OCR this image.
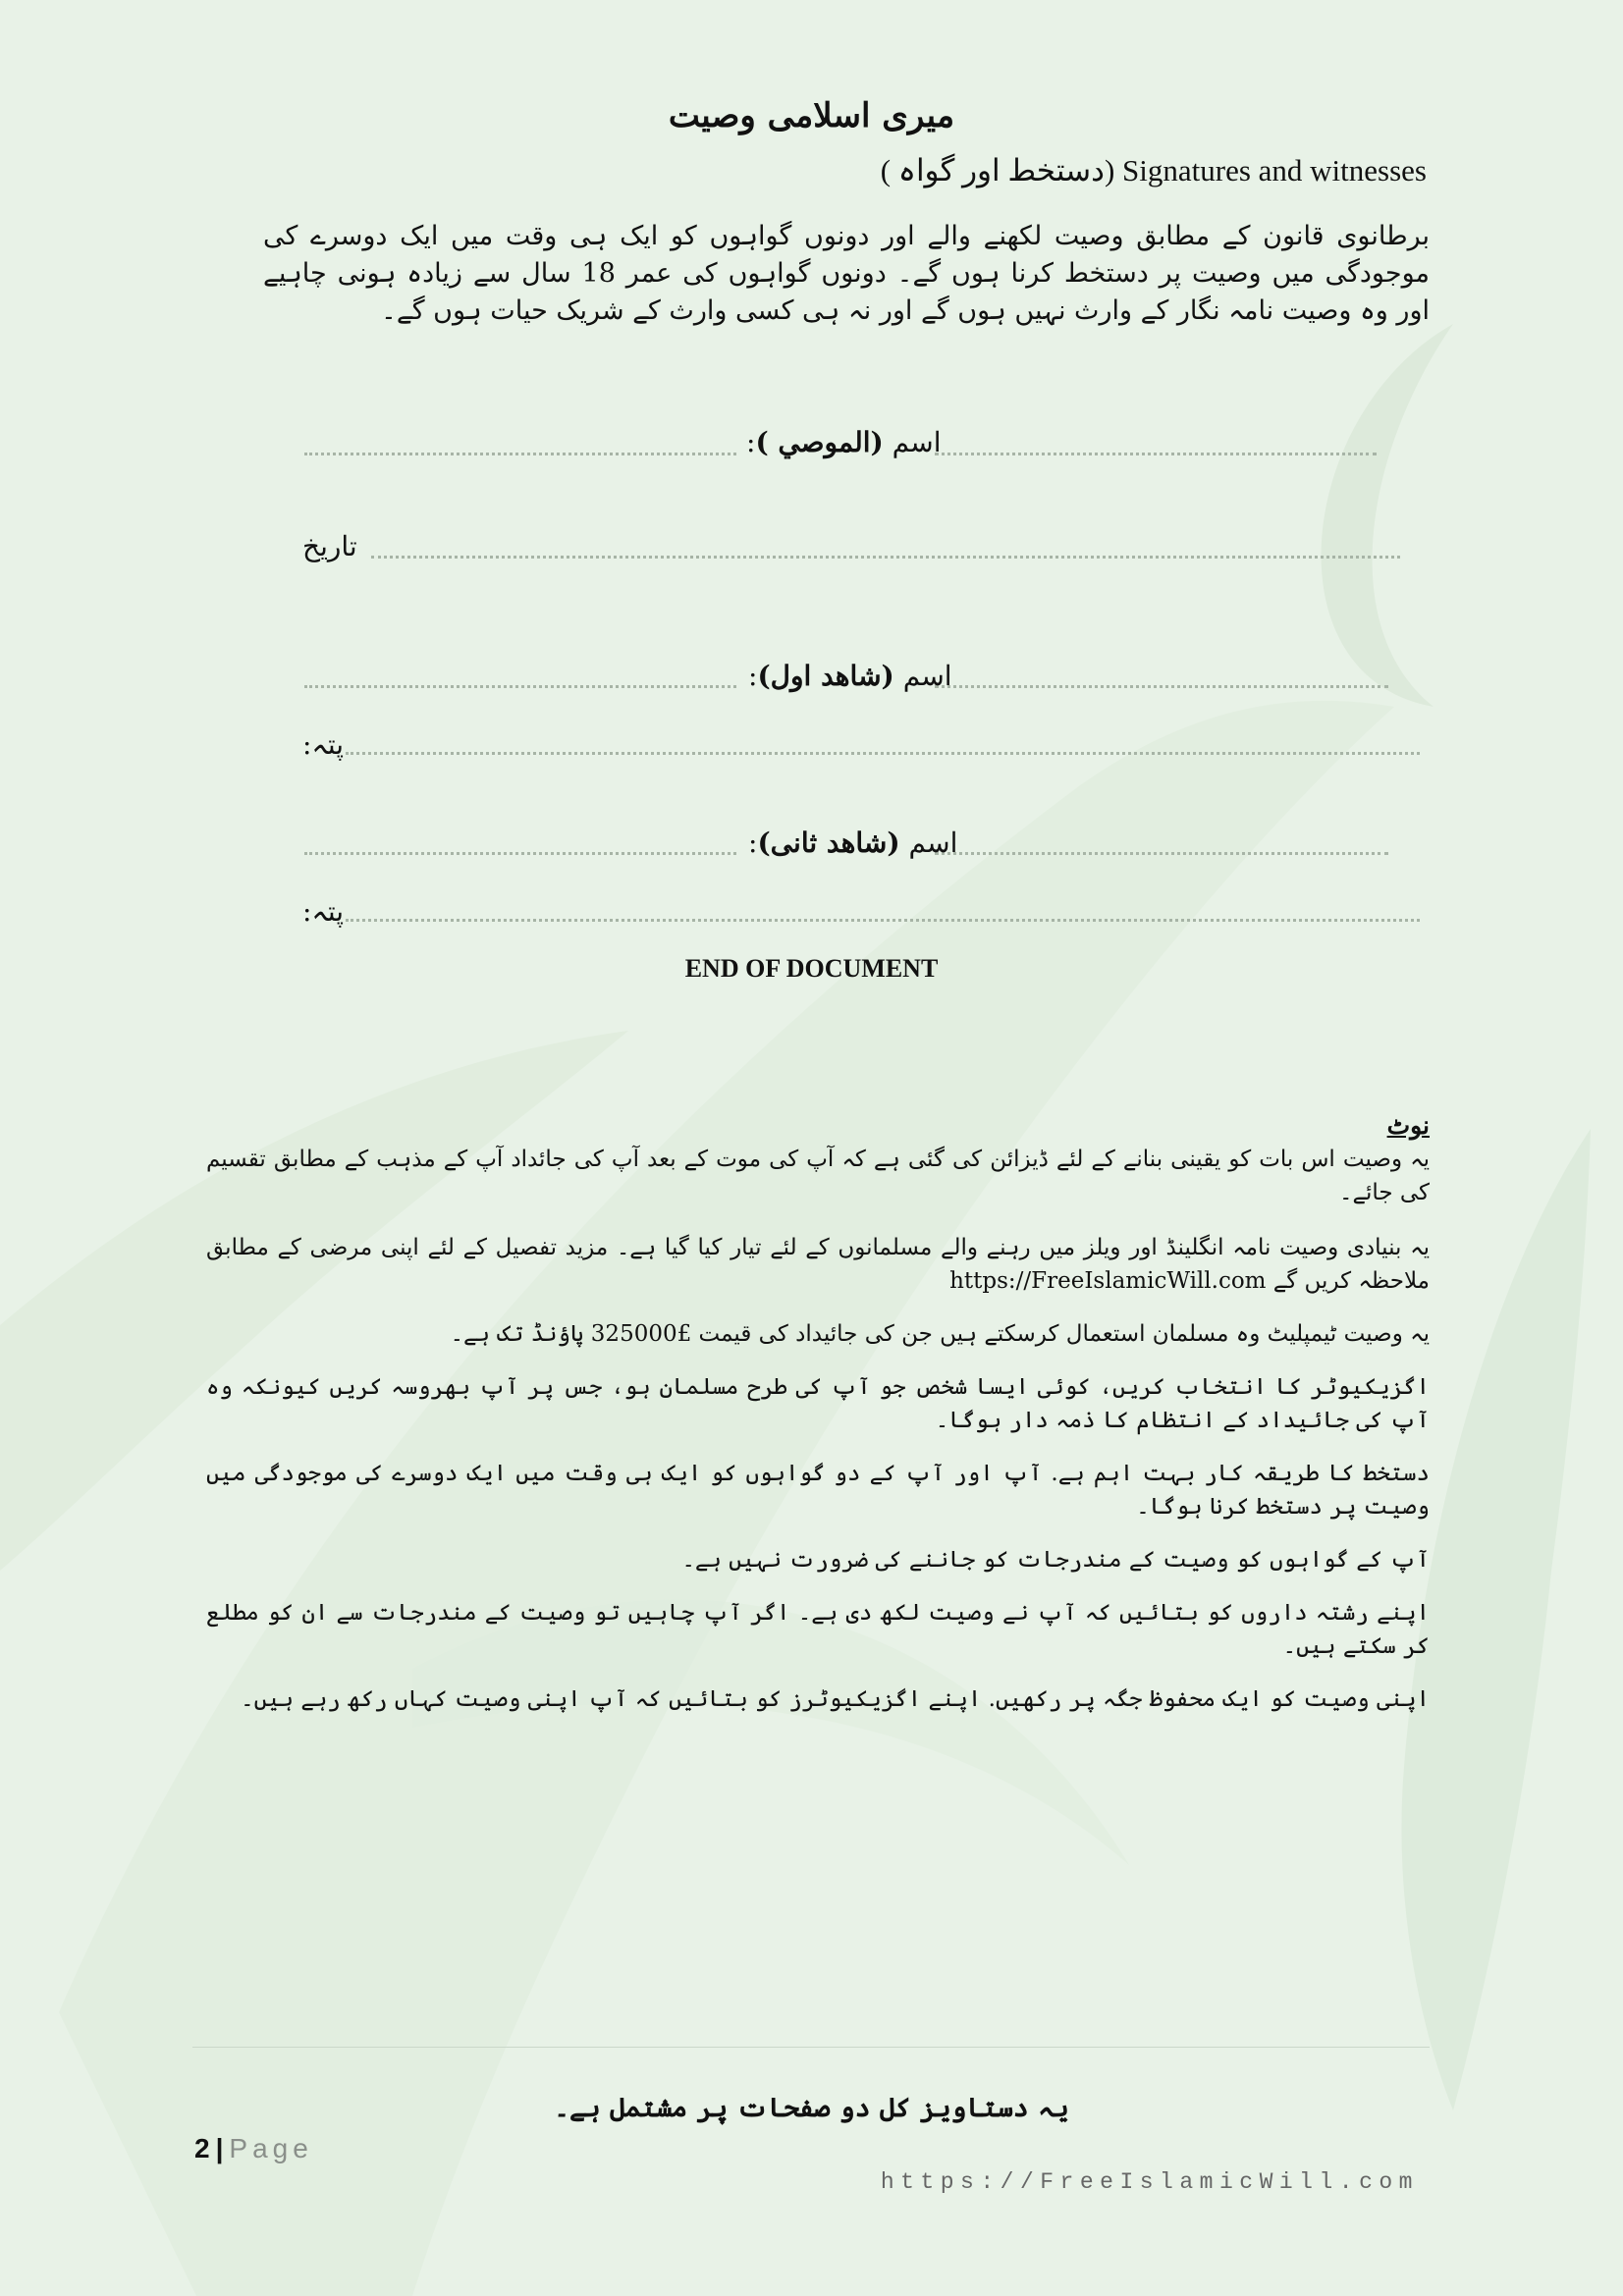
میری اسلامی وصیت
Signatures and witnesses (دستخط اور گواہ )
برطانوی قانون کے مطابق وصیت لکھنے والے اور دونوں گواہوں کو ایک ہی وقت میں ایک دوسرے کی موجودگی میں وصیت پر دستخط کرنا ہوں گے۔ دونوں گواہوں کی عمر 18 سال سے زیادہ ہونی چاہیے اور وہ وصیت نامہ نگار کے وارث نہیں ہوں گے اور نہ ہی کسی وارث کے شریک حیات ہوں گے۔
اسم (الموصي ):
تاریخ
اسم (شاهد اول):
پتہ:
اسم (شاهد ثانی):
پتہ:
END OF DOCUMENT
نوٹ

یہ وصیت اس بات کو یقینی بنانے کے لئے ڈیزائن کی گئی ہے کہ آپ کی موت کے بعد آپ کی جائداد آپ کے مذہب کے مطابق تقسیم کی جائے۔

یہ بنیادی وصیت نامہ انگلینڈ اور ویلز میں رہنے والے مسلمانوں کے لئے تیار کیا گیا ہے۔ مزید تفصیل کے لئے اپنی مرضی کے مطابق ملاحظہ کریں گے https://FreeIslamicWill.com

یہ وصیت ٹیمپلیٹ وہ مسلمان استعمال کرسکتے ہیں جن کی جائیداد کی قیمت £325000 پاؤنڈ تک ہے۔

اگزیکیوٹر کا انتخاب کریں، کوئی ایسا شخص جو آپ کی طرح مسلمان ہو، جس پر آپ بھروسہ کریں کیونکہ وہ آپ کی جائیداد کے انتظام کا ذمہ دار ہوگا۔

دستخط کا طریقہ کار بہت اہم ہے. آپ اور آپ کے دو گواہوں کو ایک ہی وقت میں ایک دوسرے کی موجودگی میں وصیت پر دستخط کرنا ہوگا۔

آپ کے گواہوں کو وصیت کے مندرجات کو جاننے کی ضرورت نہیں ہے۔

اپنے رشتہ داروں کو بتائیں کہ آپ نے وصیت لکھ دی ہے۔ اگر آپ چاہیں تو وصیت کے مندرجات سے ان کو مطلع کر سکتے ہیں۔

اپنی وصیت کو ایک محفوظ جگہ پر رکھیں. اپنے اگزیکیوٹرز کو بتائیں کہ آپ اپنی وصیت کہاں رکھ رہے ہیں۔

یہ دستاویز کل دو صفحات پر مشتمل ہے۔
2 | Page
https://FreeIslamicWill.com
